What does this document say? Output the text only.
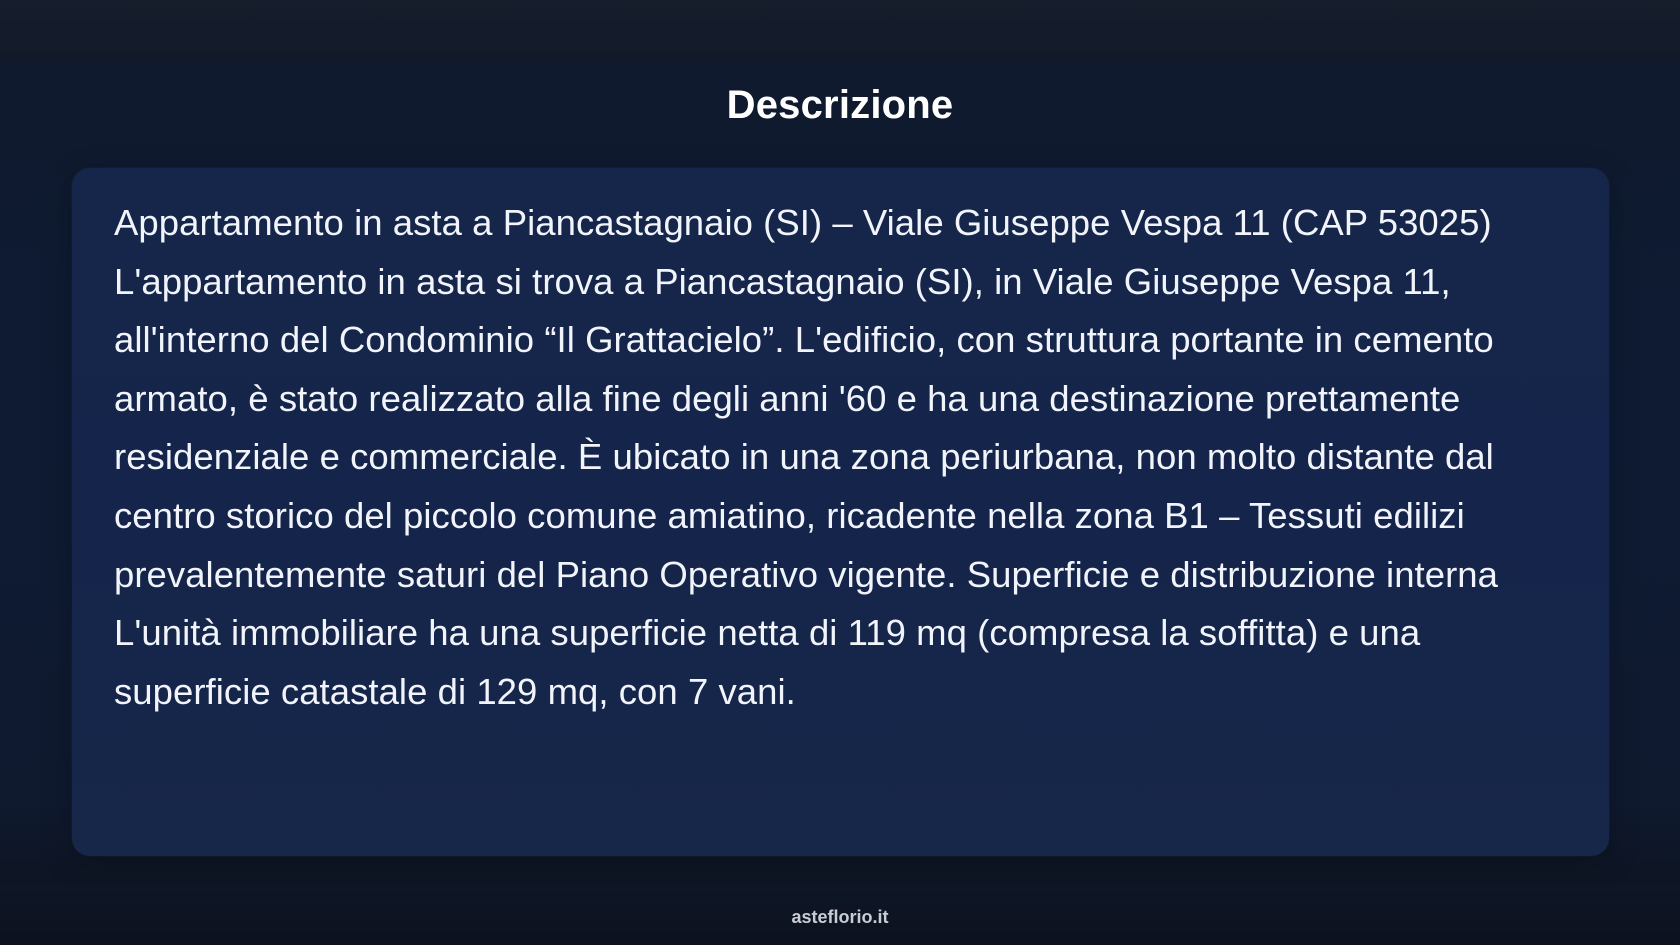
Descrizione

Appartamento in asta a Piancastagnaio (SI) – Viale Giuseppe Vespa 11 (CAP 53025) L'appartamento in asta si trova a Piancastagnaio (SI), in Viale Giuseppe Vespa 11, all'interno del Condominio “Il Grattacielo”. L'edificio, con struttura portante in cemento armato, è stato realizzato alla fine degli anni '60 e ha una destinazione prettamente residenziale e commerciale. È ubicato in una zona periurbana, non molto distante dal centro storico del piccolo comune amiatino, ricadente nella zona B1 – Tessuti edilizi prevalentemente saturi del Piano Operativo vigente. Superficie e distribuzione interna L'unità immobiliare ha una superficie netta di 119 mq (compresa la soffitta) e una superficie catastale di 129 mq, con 7 vani.

asteflorio.it
